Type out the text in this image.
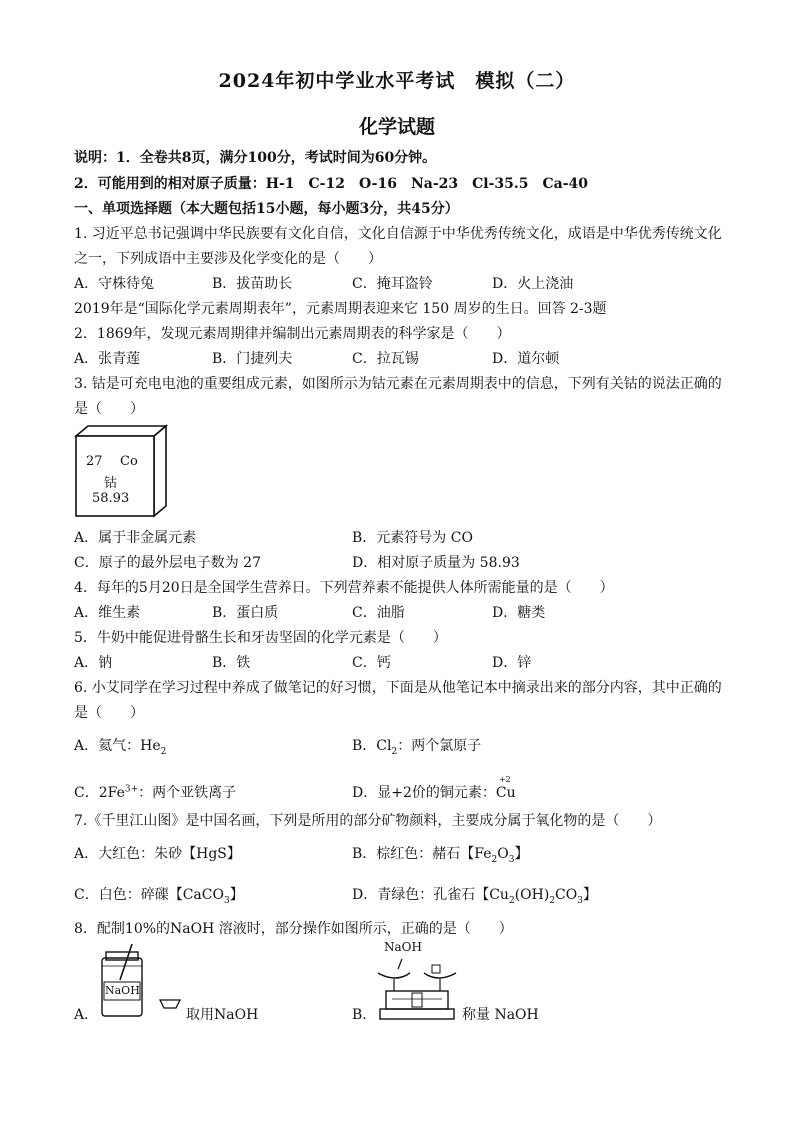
2024年初中学业水平考试　模拟（二）
化学试题
说明：1．全卷共8页，满分100分，考试时间为60分钟。
2．可能用到的相对原子质量：H-1　C-12　O-16　Na-23　Cl-35.5　Ca-40
一、单项选择题（本大题包括15小题，每小题3分，共45分）
1. 习近平总书记强调中华民族要有文化自信，文化自信源于中华优秀传统文化，成语是中华优秀传统文化
之一，下列成语中主要涉及化学变化的是（　　）
A．守株待兔	B．拔苗助长	C．掩耳盗铃	D．火上浇油
2019年是“国际化学元素周期表年”，元素周期表迎来它 150 周岁的生日。回答 2-3题
2．1869年，发现元素周期律并编制出元素周期表的科学家是（　　）
A．张青莲	B．门捷列夫	C．拉瓦锡	D．道尔顿
3. 钴是可充电电池的重要组成元素，如图所示为钴元素在元素周期表中的信息，下列有关钴的说法正确的
是（　　）
27 Co
钴
58.93
A．属于非金属元素	B．元素符号为 CO
C．原子的最外层电子数为 27	D．相对原子质量为 58.93
4．每年的5月20日是全国学生营养日。下列营养素不能提供人体所需能量的是（　　）
A．维生素	B．蛋白质	C．油脂	D．糖类
5．牛奶中能促进骨骼生长和牙齿坚固的化学元素是（　　）
A．钠	B．铁	C．钙	D．锌
6. 小艾同学在学习过程中养成了做笔记的好习惯，下面是从他笔记本中摘录出来的部分内容，其中正确的
是（　　）
A．氦气：$He_2$	B．$Cl_2$：两个氯原子
C．$2Fe^{3+}$：两个亚铁离子	D．显+2价的铜元素：
+2
Cu
7.《千里江山图》是中国名画，下列是所用的部分矿物颜料，主要成分属于氧化物的是（　　）
A．大红色：朱砂【HgS】	B．棕红色：赭石【$Fe_2O_3$】
C．白色：碎磲【CaCO$_3$】	D．青绿色：孔雀石【$Cu_2(OH)_2CO_3$】
8．配制10%的NaOH 溶液时，部分操作如图所示，正确的是（　　）
A．
NaOH
取用NaOH	B．
NaOH
称量 NaOH
